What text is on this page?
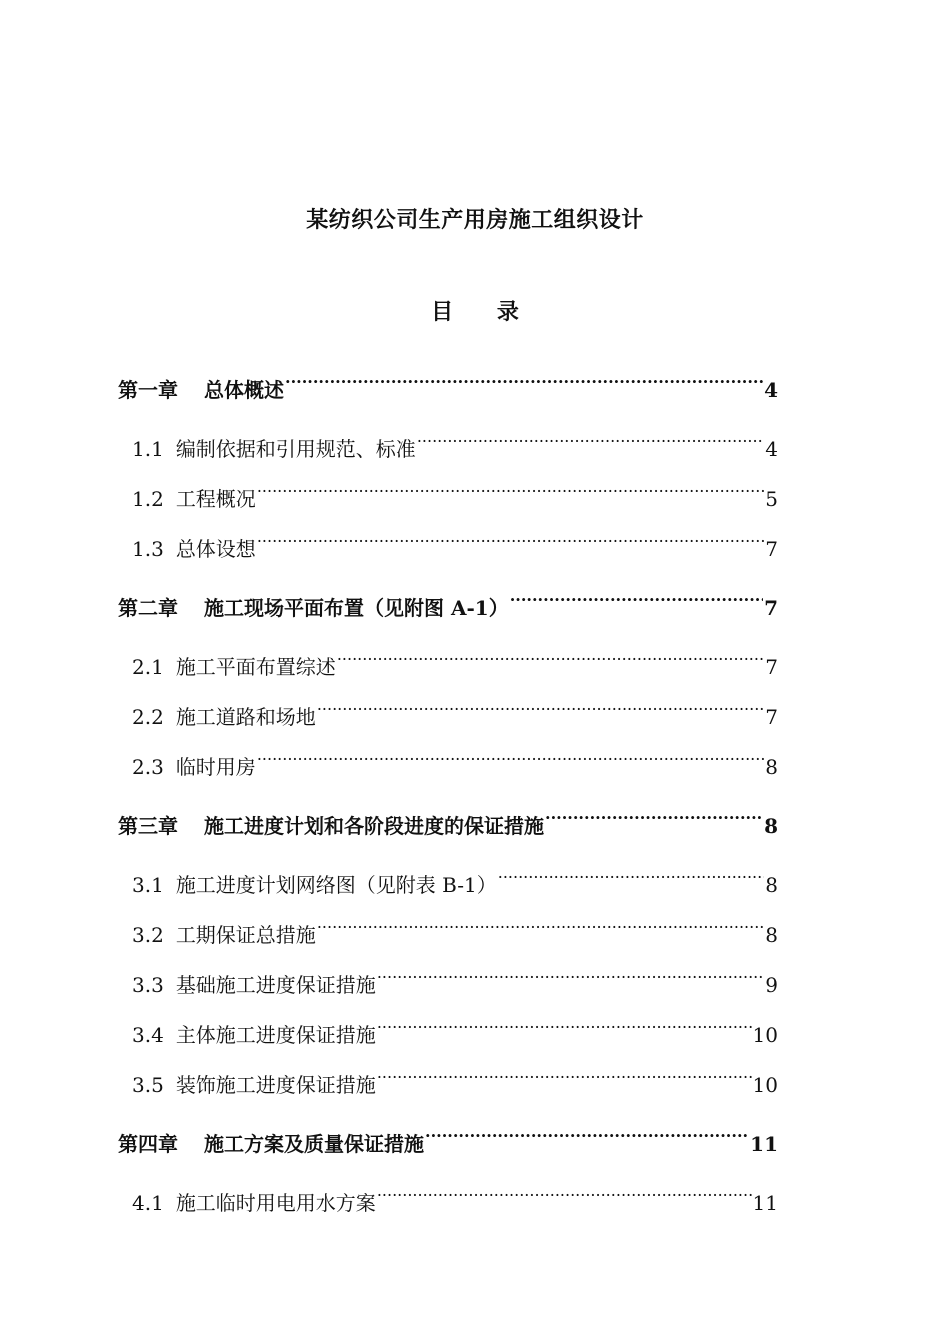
某纺织公司生产用房施工组织设计
目 录
第一章 总体概述 .....	4
1.1 编制依据和引用规范、标准 .....	4
1.2 工程概况 .....	5
1.3 总体设想 .....	7
第二章 施工现场平面布置（见附图 A-1） .....	7
2.1 施工平面布置综述 .....	7
2.2 施工道路和场地 .....	7
2.3 临时用房 .....	8
第三章 施工进度计划和各阶段进度的保证措施 .....	8
3.1 施工进度计划网络图（见附表 B-1） .....	8
3.2 工期保证总措施 .....	8
3.3 基础施工进度保证措施 .....	9
3.4 主体施工进度保证措施 .....	10
3.5 装饰施工进度保证措施 .....	10
第四章 施工方案及质量保证措施 .....	11
4.1 施工临时用电用水方案 .....	11
